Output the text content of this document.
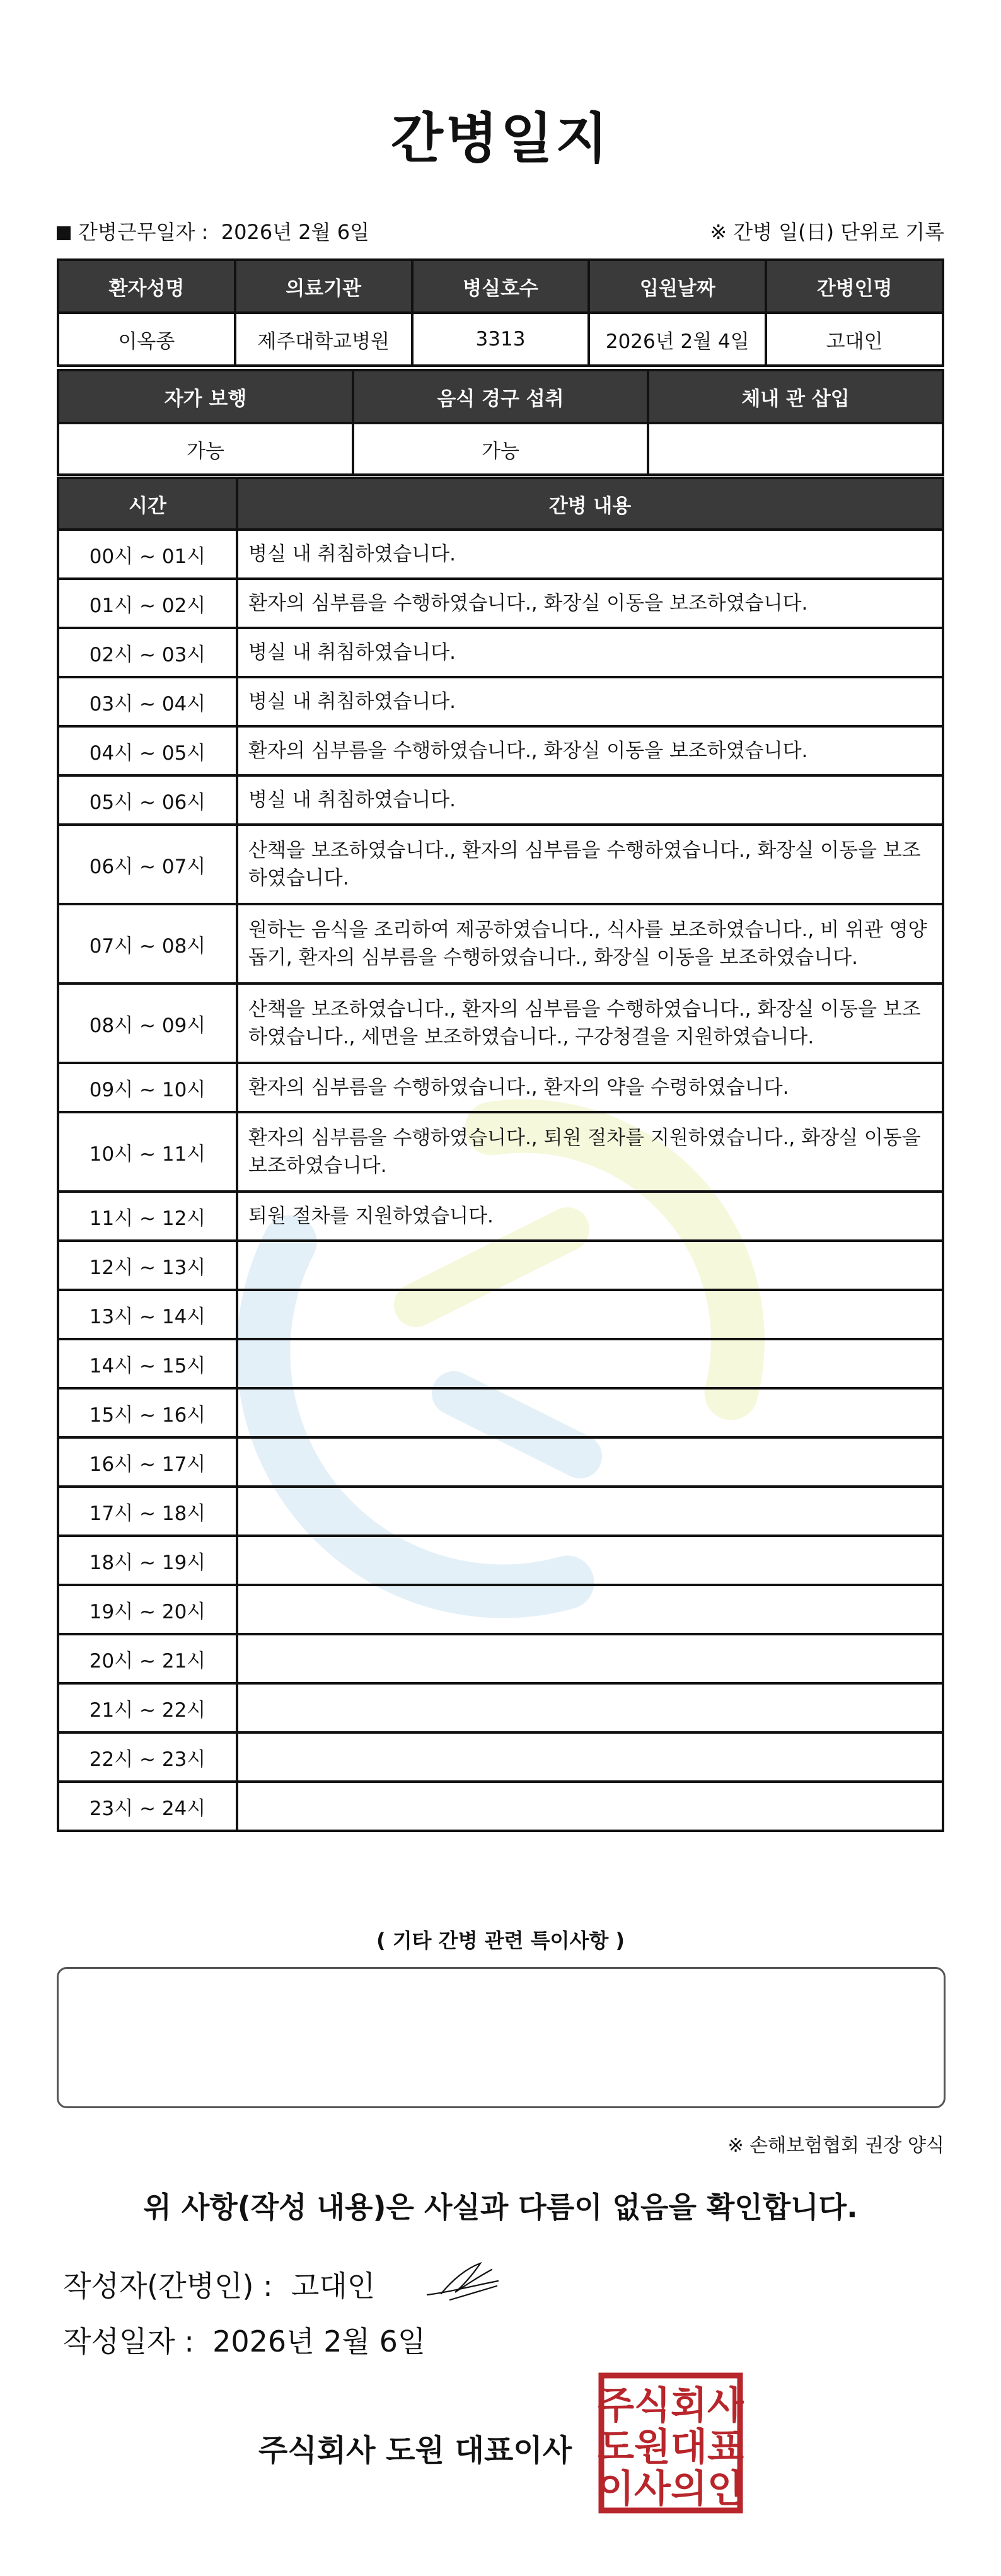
간병일지
간병근무일자 : 2026년 2월 6일	※ 간병 일(日) 단위로 기록
환자성명	의료기관	병실호수	입원날짜	간병인명
이옥종	제주대학교병원	3313	2026년 2월 4일	고대인
자가 보행	음식 경구 섭취	체내 관 삽입
가능	가능	
시간	간병 내용
00시 ~ 01시	병실 내 취침하였습니다.
01시 ~ 02시	환자의 심부름을 수행하였습니다., 화장실 이동을 보조하였습니다.
02시 ~ 03시	병실 내 취침하였습니다.
03시 ~ 04시	병실 내 취침하였습니다.
04시 ~ 05시	환자의 심부름을 수행하였습니다., 화장실 이동을 보조하였습니다.
05시 ~ 06시	병실 내 취침하였습니다.
06시 ~ 07시	산책을 보조하였습니다., 환자의 심부름을 수행하였습니다., 화장실 이동을 보조하였습니다.
07시 ~ 08시	원하는 음식을 조리하여 제공하였습니다., 식사를 보조하였습니다., 비 위관 영양돕기, 환자의 심부름을 수행하였습니다., 화장실 이동을 보조하였습니다.
08시 ~ 09시	산책을 보조하였습니다., 환자의 심부름을 수행하였습니다., 화장실 이동을 보조하였습니다., 세면을 보조하였습니다., 구강청결을 지원하였습니다.
09시 ~ 10시	환자의 심부름을 수행하였습니다., 환자의 약을 수령하였습니다.
10시 ~ 11시	환자의 심부름을 수행하였습니다., 퇴원 절차를 지원하였습니다., 화장실 이동을 보조하였습니다.
11시 ~ 12시	퇴원 절차를 지원하였습니다.
12시 ~ 13시	
13시 ~ 14시	
14시 ~ 15시	
15시 ~ 16시	
16시 ~ 17시	
17시 ~ 18시	
18시 ~ 19시	
19시 ~ 20시	
20시 ~ 21시	
21시 ~ 22시	
22시 ~ 23시	
23시 ~ 24시	
( 기타 간병 관련 특이사항 )
※ 손해보험협회 권장 양식
위 사항(작성 내용)은 사실과 다름이 없음을 확인합니다.
작성자(간병인) : 고대인
작성일자 : 2026년 2월 6일
주식회사 도원 대표이사
주식회사
도원대표
이사의인
